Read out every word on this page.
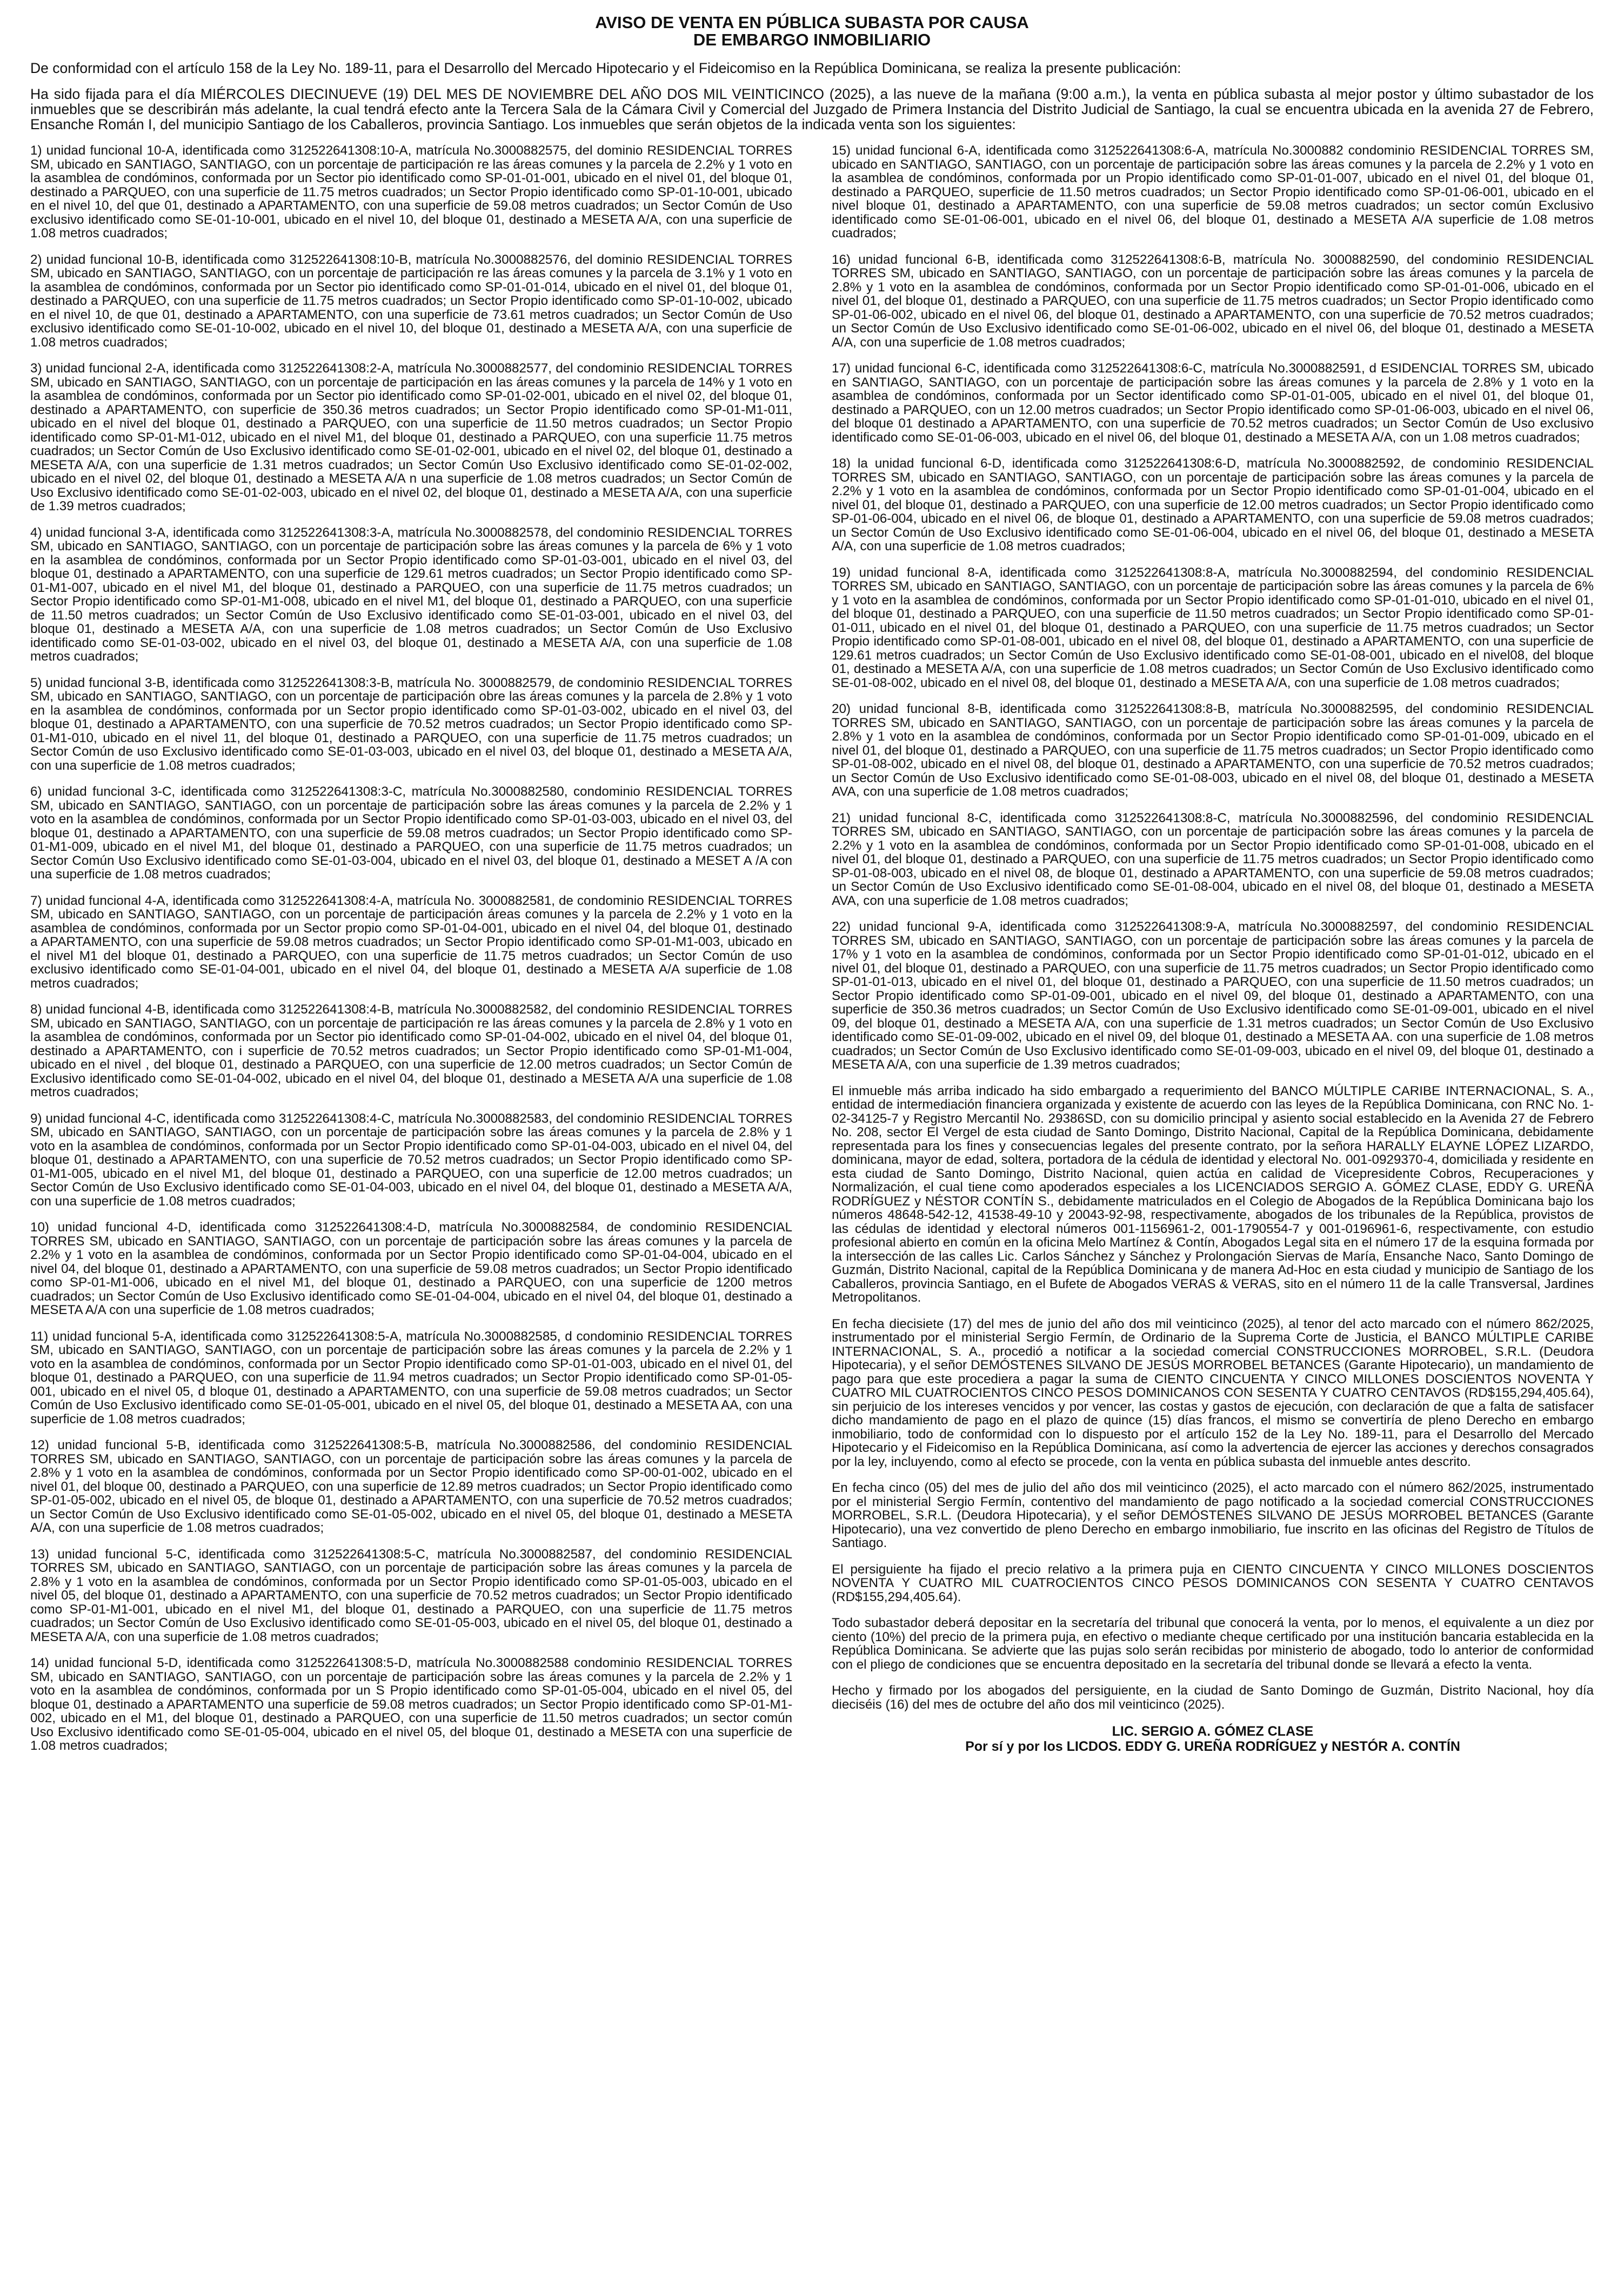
AVISO DE VENTA EN PÚBLICA SUBASTA POR CAUSA
DE EMBARGO INMOBILIARIO

De conformidad con el artículo 158 de la Ley No. 189-11, para el Desarrollo del Mercado Hipotecario y el Fideicomiso en la República Dominicana, se realiza la presente publicación:

Ha sido fijada para el día MIÉRCOLES DIECINUEVE (19) DEL MES DE NOVIEMBRE DEL AÑO DOS MIL VEINTICINCO (2025), a las nueve de la mañana (9:00 a.m.), la venta en pública subasta al mejor postor y último subastador de los inmuebles que se describirán más adelante, la cual tendrá efecto ante la Tercera Sala de la Cámara Civil y Comercial del Juzgado de Primera Instancia del Distrito Judicial de Santiago, la cual se encuentra ubicada en la avenida 27 de Febrero, Ensanche Román I, del municipio Santiago de los Caballeros, provincia Santiago. Los inmuebles que serán objetos de la indicada venta son los siguientes:

1) unidad funcional 10-A, identificada como 312522641308:10-A, matrícula No.3000882575, del dominio RESIDENCIAL TORRES SM, ubicado en SANTIAGO, SANTIAGO, con un porcentaje de participación re las áreas comunes y la parcela de 2.2% y 1 voto en la asamblea de condóminos, conformada por un Sector pio identificado como SP-01-01-001, ubicado en el nivel 01, del bloque 01, destinado a PARQUEO, con una superficie de 11.75 metros cuadrados; un Sector Propio identificado como SP-01-10-001, ubicado en el nivel 10, del que 01, destinado a APARTAMENTO, con una superficie de 59.08 metros cuadrados; un Sector Común de Uso exclusivo identificado como SE-01-10-001, ubicado en el nivel 10, del bloque 01, destinado a MESETA A/A, con una superficie de 1.08 metros cuadrados;

2) unidad funcional 10-B, identificada como 312522641308:10-B, matrícula No.3000882576, del dominio RESIDENCIAL TORRES SM, ubicado en SANTIAGO, SANTIAGO, con un porcentaje de participación re las áreas comunes y la parcela de 3.1% y 1 voto en la asamblea de condóminos, conformada por un Sector pio identificado como SP-01-01-014, ubicado en el nivel 01, del bloque 01, destinado a PARQUEO, con una superficie de 11.75 metros cuadrados; un Sector Propio identificado como SP-01-10-002, ubicado en el nivel 10, de que 01, destinado a APARTAMENTO, con una superficie de 73.61 metros cuadrados; un Sector Común de Uso exclusivo identificado como SE-01-10-002, ubicado en el nivel 10, del bloque 01, destinado a MESETA A/A, con una superficie de 1.08 metros cuadrados;

3) unidad funcional 2-A, identificada como 312522641308:2-A, matrícula No.3000882577, del condominio RESIDENCIAL TORRES SM, ubicado en SANTIAGO, SANTIAGO, con un porcentaje de participación en las áreas comunes y la parcela de 14% y 1 voto en la asamblea de condóminos, conformada por un Sector pio identificado como SP-01-02-001, ubicado en el nivel 02, del bloque 01, destinado a APARTAMENTO, con superficie de 350.36 metros cuadrados; un Sector Propio identificado como SP-01-M1-011, ubicado en el nivel del bloque 01, destinado a PARQUEO, con una superficie de 11.50 metros cuadrados; un Sector Propio identificado como SP-01-M1-012, ubicado en el nivel M1, del bloque 01, destinado a PARQUEO, con una superficie 11.75 metros cuadrados; un Sector Común de Uso Exclusivo identificado como SE-01-02-001, ubicado en el nivel 02, del bloque 01, destinado a MESETA A/A, con una superficie de 1.31 metros cuadrados; un Sector Común Uso Exclusivo identificado como SE-01-02-002, ubicado en el nivel 02, del bloque 01, destinado a MESETA A/A n una superficie de 1.08 metros cuadrados; un Sector Común de Uso Exclusivo identificado como SE-01-02-003, ubicado en el nivel 02, del bloque 01, destinado a MESETA A/A, con una superficie de 1.39 metros cuadrados;

4) unidad funcional 3-A, identificada como 312522641308:3-A, matrícula No.3000882578, del condominio RESIDENCIAL TORRES SM, ubicado en SANTIAGO, SANTIAGO, con un porcentaje de participación sobre las áreas comunes y la parcela de 6% y 1 voto en la asamblea de condóminos, conformada por un Sector Propio identificado como SP-01-03-001, ubicado en el nivel 03, del bloque 01, destinado a APARTAMENTO, con una superficie de 129.61 metros cuadrados; un Sector Propio identificado como SP-01-M1-007, ubicado en el nivel M1, del bloque 01, destinado a PARQUEO, con una superficie de 11.75 metros cuadrados; un Sector Propio identificado como SP-01-M1-008, ubicado en el nivel M1, del bloque 01, destinado a PARQUEO, con una superficie de 11.50 metros cuadrados; un Sector Común de Uso Exclusivo identificado como SE-01-03-001, ubicado en el nivel 03, del bloque 01, destinado a MESETA A/A, con una superficie de 1.08 metros cuadrados; un Sector Común de Uso Exclusivo identificado como SE-01-03-002, ubicado en el nivel 03, del bloque 01, destinado a MESETA A/A, con una superficie de 1.08 metros cuadrados;

5) unidad funcional 3-B, identificada como 312522641308:3-B, matrícula No. 3000882579, de condominio RESIDENCIAL TORRES SM, ubicado en SANTIAGO, SANTIAGO, con un porcentaje de participación obre las áreas comunes y la parcela de 2.8% y 1 voto en la asamblea de condóminos, conformada por un Sector propio identificado como SP-01-03-002, ubicado en el nivel 03, del bloque 01, destinado a APARTAMENTO, con una superficie de 70.52 metros cuadrados; un Sector Propio identificado como SP-01-M1-010, ubicado en el nivel 11, del bloque 01, destinado a PARQUEO, con una superficie de 11.75 metros cuadrados; un Sector Común de uso Exclusivo identificado como SE-01-03-003, ubicado en el nivel 03, del bloque 01, destinado a MESETA A/A, con una superficie de 1.08 metros cuadrados;

6) unidad funcional 3-C, identificada como 312522641308:3-C, matrícula No.3000882580, condominio RESIDENCIAL TORRES SM, ubicado en SANTIAGO, SANTIAGO, con un porcentaje de participación sobre las áreas comunes y la parcela de 2.2% y 1 voto en la asamblea de condóminos, conformada por un Sector Propio identificado como SP-01-03-003, ubicado en el nivel 03, del bloque 01, destinado a APARTAMENTO, con una superficie de 59.08 metros cuadrados; un Sector Propio identificado como SP-01-M1-009, ubicado en el nivel M1, del bloque 01, destinado a PARQUEO, con una superficie de 11.75 metros cuadrados; un Sector Común Uso Exclusivo identificado como SE-01-03-004, ubicado en el nivel 03, del bloque 01, destinado a MESET A /A con una superficie de 1.08 metros cuadrados;

7) unidad funcional 4-A, identificada como 312522641308:4-A, matrícula No. 3000882581, de condominio RESIDENCIAL TORRES SM, ubicado en SANTIAGO, SANTIAGO, con un porcentaje de participación áreas comunes y la parcela de 2.2% y 1 voto en la asamblea de condóminos, conformada por un Sector propio como SP-01-04-001, ubicado en el nivel 04, del bloque 01, destinado a APARTAMENTO, con una superficie de 59.08 metros cuadrados; un Sector Propio identificado como SP-01-M1-003, ubicado en el nivel M1 del bloque 01, destinado a PARQUEO, con una superficie de 11.75 metros cuadrados; un Sector Común de uso exclusivo identificado como SE-01-04-001, ubicado en el nivel 04, del bloque 01, destinado a MESETA A/A superficie de 1.08 metros cuadrados;

8) unidad funcional 4-B, identificada como 312522641308:4-B, matrícula No.3000882582, del condominio RESIDENCIAL TORRES SM, ubicado en SANTIAGO, SANTIAGO, con un porcentaje de participación re las áreas comunes y la parcela de 2.8% y 1 voto en la asamblea de condóminos, conformada por un Sector pio identificado como SP-01-04-002, ubicado en el nivel 04, del bloque 01, destinado a APARTAMENTO, con i superficie de 70.52 metros cuadrados; un Sector Propio identificado como SP-01-M1-004, ubicado en el nivel , del bloque 01, destinado a PARQUEO, con una superficie de 12.00 metros cuadrados; un Sector Común de Exclusivo identificado como SE-01-04-002, ubicado en el nivel 04, del bloque 01, destinado a MESETA A/A una superficie de 1.08 metros cuadrados;

9) unidad funcional 4-C, identificada como 312522641308:4-C, matrícula No.3000882583, del condominio RESIDENCIAL TORRES SM, ubicado en SANTIAGO, SANTIAGO, con un porcentaje de participación sobre las áreas comunes y la parcela de 2.8% y 1 voto en la asamblea de condóminos, conformada por un Sector Propio identificado como SP-01-04-003, ubicado en el nivel 04, del bloque 01, destinado a APARTAMENTO, con una superficie de 70.52 metros cuadrados; un Sector Propio identificado como SP-01-M1-005, ubicado en el nivel M1, del bloque 01, destinado a PARQUEO, con una superficie de 12.00 metros cuadrados; un Sector Común de Uso Exclusivo identificado como SE-01-04-003, ubicado en el nivel 04, del bloque 01, destinado a MESETA A/A, con una superficie de 1.08 metros cuadrados;

10) unidad funcional 4-D, identificada como 312522641308:4-D, matrícula No.3000882584, de condominio RESIDENCIAL TORRES SM, ubicado en SANTIAGO, SANTIAGO, con un porcentaje de participación sobre las áreas comunes y la parcela de 2.2% y 1 voto en la asamblea de condóminos, conformada por un Sector Propio identificado como SP-01-04-004, ubicado en el nivel 04, del bloque 01, destinado a APARTAMENTO, con una superficie de 59.08 metros cuadrados; un Sector Propio identificado como SP-01-M1-006, ubicado en el nivel M1, del bloque 01, destinado a PARQUEO, con una superficie de 1200 metros cuadrados; un Sector Común de Uso Exclusivo identificado como SE-01-04-004, ubicado en el nivel 04, del bloque 01, destinado a MESETA A/A con una superficie de 1.08 metros cuadrados;

11) unidad funcional 5-A, identificada como 312522641308:5-A, matrícula No.3000882585, d condominio RESIDENCIAL TORRES SM, ubicado en SANTIAGO, SANTIAGO, con un porcentaje de participación sobre las áreas comunes y la parcela de 2.2% y 1 voto en la asamblea de condóminos, conformada por un Sector Propio identificado como SP-01-01-003, ubicado en el nivel 01, del bloque 01, destinado a PARQUEO, con una superficie de 11.94 metros cuadrados; un Sector Propio identificado como SP-01-05-001, ubicado en el nivel 05, d bloque 01, destinado a APARTAMENTO, con una superficie de 59.08 metros cuadrados; un Sector Común de Uso Exclusivo identificado como SE-01-05-001, ubicado en el nivel 05, del bloque 01, destinado a MESETA AA, con una superficie de 1.08 metros cuadrados;

12) unidad funcional 5-B, identificada como 312522641308:5-B, matrícula No.3000882586, del condominio RESIDENCIAL TORRES SM, ubicado en SANTIAGO, SANTIAGO, con un porcentaje de participación sobre las áreas comunes y la parcela de 2.8% y 1 voto en la asamblea de condóminos, conformada por un Sector Propio identificado como SP-00-01-002, ubicado en el nivel 01, del bloque 00, destinado a PARQUEO, con una superficie de 12.89 metros cuadrados; un Sector Propio identificado como SP-01-05-002, ubicado en el nivel 05, de bloque 01, destinado a APARTAMENTO, con una superficie de 70.52 metros cuadrados; un Sector Común de Uso Exclusivo identificado como SE-01-05-002, ubicado en el nivel 05, del bloque 01, destinado a MESETA A/A, con una superficie de 1.08 metros cuadrados;

13) unidad funcional 5-C, identificada como 312522641308:5-C, matrícula No.3000882587, del condominio RESIDENCIAL TORRES SM, ubicado en SANTIAGO, SANTIAGO, con un porcentaje de participación sobre las áreas comunes y la parcela de 2.8% y 1 voto en la asamblea de condóminos, conformada por un Sector Propio identificado como SP-01-05-003, ubicado en el nivel 05, del bloque 01, destinado a APARTAMENTO, con una superficie de 70.52 metros cuadrados; un Sector Propio identificado como SP-01-M1-001, ubicado en el nivel M1, del bloque 01, destinado a PARQUEO, con una superficie de 11.75 metros cuadrados; un Sector Común de Uso Exclusivo identificado como SE-01-05-003, ubicado en el nivel 05, del bloque 01, destinado a MESETA A/A, con una superficie de 1.08 metros cuadrados;

14) unidad funcional 5-D, identificada como 312522641308:5-D, matrícula No.3000882588 condominio RESIDENCIAL TORRES SM, ubicado en SANTIAGO, SANTIAGO, con un porcentaje de participación sobre las áreas comunes y la parcela de 2.2% y 1 voto en la asamblea de condóminos, conformada por un S Propio identificado como SP-01-05-004, ubicado en el nivel 05, del bloque 01, destinado a APARTAMENTO una superficie de 59.08 metros cuadrados; un Sector Propio identificado como SP-01-M1-002, ubicado en el M1, del bloque 01, destinado a PARQUEO, con una superficie de 11.50 metros cuadrados; un sector común Uso Exclusivo identificado como SE-01-05-004, ubicado en el nivel 05, del bloque 01, destinado a MESETA con una superficie de 1.08 metros cuadrados;

15) unidad funcional 6-A, identificada como 312522641308:6-A, matrícula No.3000882 condominio RESIDENCIAL TORRES SM, ubicado en SANTIAGO, SANTIAGO, con un porcentaje de participación sobre las áreas comunes y la parcela de 2.2% y 1 voto en la asamblea de condóminos, conformada por un Propio identificado como SP-01-01-007, ubicado en el nivel 01, del bloque 01, destinado a PARQUEO, superficie de 11.50 metros cuadrados; un Sector Propio identificado como SP-01-06-001, ubicado en el nivel bloque 01, destinado a APARTAMENTO, con una superficie de 59.08 metros cuadrados; un sector común Exclusivo identificado como SE-01-06-001, ubicado en el nivel 06, del bloque 01, destinado a MESETA A/A superficie de 1.08 metros cuadrados;

16) unidad funcional 6-B, identificada como 312522641308:6-B, matrícula No. 3000882590, del condominio RESIDENCIAL TORRES SM, ubicado en SANTIAGO, SANTIAGO, con un porcentaje de participación sobre las áreas comunes y la parcela de 2.8% y 1 voto en la asamblea de condóminos, conformada por un Sector Propio identificado como SP-01-01-006, ubicado en el nivel 01, del bloque 01, destinado a PARQUEO, con una superficie de 11.75 metros cuadrados; un Sector Propio identificado como SP-01-06-002, ubicado en el nivel 06, del bloque 01, destinado a APARTAMENTO, con una superficie de 70.52 metros cuadrados; un Sector Común de Uso Exclusivo identificado como SE-01-06-002, ubicado en el nivel 06, del bloque 01, destinado a MESETA A/A, con una superficie de 1.08 metros cuadrados;

17) unidad funcional 6-C, identificada como 312522641308:6-C, matrícula No.3000882591, d ESIDENCIAL TORRES SM, ubicado en SANTIAGO, SANTIAGO, con un porcentaje de participación sobre las áreas comunes y la parcela de 2.8% y 1 voto en la asamblea de condóminos, conformada por un Sector identificado como SP-01-01-005, ubicado en el nivel 01, del bloque 01, destinado a PARQUEO, con un 12.00 metros cuadrados; un Sector Propio identificado como SP-01-06-003, ubicado en el nivel 06, del bloque 01 destinado a APARTAMENTO, con una superficie de 70.52 metros cuadrados; un Sector Común de Uso exclusivo identificado como SE-01-06-003, ubicado en el nivel 06, del bloque 01, destinado a MESETA A/A, con un 1.08 metros cuadrados;

18) la unidad funcional 6-D, identificada como 312522641308:6-D, matrícula No.3000882592, de condominio RESIDENCIAL TORRES SM, ubicado en SANTIAGO, SANTIAGO, con un porcentaje de participación sobre las áreas comunes y la parcela de 2.2% y 1 voto en la asamblea de condóminos, conformada por un Sector Propio identificado como SP-01-01-004, ubicado en el nivel 01, del bloque 01, destinado a PARQUEO, con una superficie de 12.00 metros cuadrados; un Sector Propio identificado como SP-01-06-004, ubicado en el nivel 06, de bloque 01, destinado a APARTAMENTO, con una superficie de 59.08 metros cuadrados; un Sector Común de Uso Exclusivo identificado como SE-01-06-004, ubicado en el nivel 06, del bloque 01, destinado a MESETA A/A, con una superficie de 1.08 metros cuadrados;

19) unidad funcional 8-A, identificada como 312522641308:8-A, matrícula No.3000882594, del condominio RESIDENCIAL TORRES SM, ubicado en SANTIAGO, SANTIAGO, con un porcentaje de participación sobre las áreas comunes y la parcela de 6% y 1 voto en la asamblea de condóminos, conformada por un Sector Propio identificado como SP-01-01-010, ubicado en el nivel 01, del bloque 01, destinado a PARQUEO, con una superficie de 11.50 metros cuadrados; un Sector Propio identificado como SP-01-01-011, ubicado en el nivel 01, del bloque 01, destinado a PARQUEO, con una superficie de 11.75 metros cuadrados; un Sector Propio identificado como SP-01-08-001, ubicado en el nivel 08, del bloque 01, destinado a APARTAMENTO, con una superficie de 129.61 metros cuadrados; un Sector Común de Uso Exclusivo identificado como SE-01-08-001, ubicado en el nivel08, del bloque 01, destinado a MESETA A/A, con una superficie de 1.08 metros cuadrados; un Sector Común de Uso Exclusivo identificado como SE-01-08-002, ubicado en el nivel 08, del bloque 01, destinado a MESETA A/A, con una superficie de 1.08 metros cuadrados;

20) unidad funcional 8-B, identificada como 312522641308:8-B, matrícula No.3000882595, del condominio RESIDENCIAL TORRES SM, ubicado en SANTIAGO, SANTIAGO, con un porcentaje de participación sobre las áreas comunes y la parcela de 2.8% y 1 voto en la asamblea de condóminos, conformada por un Sector Propio identificado como SP-01-01-009, ubicado en el nivel 01, del bloque 01, destinado a PARQUEO, con una superficie de 11.75 metros cuadrados; un Sector Propio identificado como SP-01-08-002, ubicado en el nivel 08, del bloque 01, destinado a APARTAMENTO, con una superficie de 70.52 metros cuadrados; un Sector Común de Uso Exclusivo identificado como SE-01-08-003, ubicado en el nivel 08, del bloque 01, destinado a MESETA AVA, con una superficie de 1.08 metros cuadrados;

21) unidad funcional 8-C, identificada como 312522641308:8-C, matrícula No.3000882596, del condominio RESIDENCIAL TORRES SM, ubicado en SANTIAGO, SANTIAGO, con un porcentaje de participación sobre las áreas comunes y la parcela de 2.2% y 1 voto en la asamblea de condóminos, conformada por un Sector Propio identificado como SP-01-01-008, ubicado en el nivel 01, del bloque 01, destinado a PARQUEO, con una superficie de 11.75 metros cuadrados; un Sector Propio identificado como SP-01-08-003, ubicado en el nivel 08, de bloque 01, destinado a APARTAMENTO, con una superficie de 59.08 metros cuadrados; un Sector Común de Uso Exclusivo identificado como SE-01-08-004, ubicado en el nivel 08, del bloque 01, destinado a MESETA AVA, con una superficie de 1.08 metros cuadrados;

22) unidad funcional 9-A, identificada como 312522641308:9-A, matrícula No.3000882597, del condominio RESIDENCIAL TORRES SM, ubicado en SANTIAGO, SANTIAGO, con un porcentaje de participación sobre las áreas comunes y la parcela de 17% y 1 voto en la asamblea de condóminos, conformada por un Sector Propio identificado como SP-01-01-012, ubicado en el nivel 01, del bloque 01, destinado a PARQUEO, con una superficie de 11.75 metros cuadrados; un Sector Propio identificado como SP-01-01-013, ubicado en el nivel 01, del bloque 01, destinado a PARQUEO, con una superficie de 11.50 metros cuadrados; un Sector Propio identificado como SP-01-09-001, ubicado en el nivel 09, del bloque 01, destinado a APARTAMENTO, con una superficie de 350.36 metros cuadrados; un Sector Común de Uso Exclusivo identificado como SE-01-09-001, ubicado en el nivel 09, del bloque 01, destinado a MESETA A/A, con una superficie de 1.31 metros cuadrados; un Sector Común de Uso Exclusivo identificado como SE-01-09-002, ubicado en el nivel 09, del bloque 01, destinado a MESETA AA. con una superficie de 1.08 metros cuadrados; un Sector Común de Uso Exclusivo identificado como SE-01-09-003, ubicado en el nivel 09, del bloque 01, destinado a MESETA A/A, con una superficie de 1.39 metros cuadrados;

El inmueble más arriba indicado ha sido embargado a requerimiento del BANCO MÚLTIPLE CARIBE INTERNACIONAL, S. A., entidad de intermediación financiera organizada y existente de acuerdo con las leyes de la República Dominicana, con RNC No. 1-02-34125-7 y Registro Mercantil No. 29386SD, con su domicilio principal y asiento social establecido en la Avenida 27 de Febrero No. 208, sector El Vergel de esta ciudad de Santo Domingo, Distrito Nacional, Capital de la República Dominicana, debidamente representada para los fines y consecuencias legales del presente contrato, por la señora HARALLY ELAYNE LÓPEZ LIZARDO, dominicana, mayor de edad, soltera, portadora de la cédula de identidad y electoral No. 001-0929370-4, domiciliada y residente en esta ciudad de Santo Domingo, Distrito Nacional, quien actúa en calidad de Vicepresidente Cobros, Recuperaciones y Normalización, el cual tiene como apoderados especiales a los LICENCIADOS SERGIO A. GÓMEZ CLASE, EDDY G. UREÑA RODRÍGUEZ y NÉSTOR CONTÍN S., debidamente matriculados en el Colegio de Abogados de la República Dominicana bajo los números 48648-542-12, 41538-49-10 y 20043-92-98, respectivamente, abogados de los tribunales de la República, provistos de las cédulas de identidad y electoral números 001-1156961-2, 001-1790554-7 y 001-0196961-6, respectivamente, con estudio profesional abierto en común en la oficina Melo Martínez & Contín, Abogados Legal sita en el número 17 de la esquina formada por la intersección de las calles Lic. Carlos Sánchez y Sánchez y Prolongación Siervas de María, Ensanche Naco, Santo Domingo de Guzmán, Distrito Nacional, capital de la República Dominicana y de manera Ad-Hoc en esta ciudad y municipio de Santiago de los Caballeros, provincia Santiago, en el Bufete de Abogados VERAS & VERAS, sito en el número 11 de la calle Transversal, Jardines Metropolitanos.

En fecha diecisiete (17) del mes de junio del año dos mil veinticinco (2025), al tenor del acto marcado con el número 862/2025, instrumentado por el ministerial Sergio Fermín, de Ordinario de la Suprema Corte de Justicia, el BANCO MÚLTIPLE CARIBE INTERNACIONAL, S. A., procedió a notificar a la sociedad comercial CONSTRUCCIONES MORROBEL, S.R.L. (Deudora Hipotecaria), y el señor DEMÓSTENES SILVANO DE JESÚS MORROBEL BETANCES (Garante Hipotecario), un mandamiento de pago para que este procediera a pagar la suma de CIENTO CINCUENTA Y CINCO MILLONES DOSCIENTOS NOVENTA Y CUATRO MIL CUATROCIENTOS CINCO PESOS DOMINICANOS CON SESENTA Y CUATRO CENTAVOS (RD$155,294,405.64), sin perjuicio de los intereses vencidos y por vencer, las costas y gastos de ejecución, con declaración de que a falta de satisfacer dicho mandamiento de pago en el plazo de quince (15) días francos, el mismo se convertiría de pleno Derecho en embargo inmobiliario, todo de conformidad con lo dispuesto por el artículo 152 de la Ley No. 189-11, para el Desarrollo del Mercado Hipotecario y el Fideicomiso en la República Dominicana, así como la advertencia de ejercer las acciones y derechos consagrados por la ley, incluyendo, como al efecto se procede, con la venta en pública subasta del inmueble antes descrito.

En fecha cinco (05) del mes de julio del año dos mil veinticinco (2025), el acto marcado con el número 862/2025, instrumentado por el ministerial Sergio Fermín, contentivo del mandamiento de pago notificado a la sociedad comercial CONSTRUCCIONES MORROBEL, S.R.L. (Deudora Hipotecaria), y el señor DEMÓSTENES SILVANO DE JESÚS MORROBEL BETANCES (Garante Hipotecario), una vez convertido de pleno Derecho en embargo inmobiliario, fue inscrito en las oficinas del Registro de Títulos de Santiago.

El persiguiente ha fijado el precio relativo a la primera puja en CIENTO CINCUENTA Y CINCO MILLONES DOSCIENTOS NOVENTA Y CUATRO MIL CUATROCIENTOS CINCO PESOS DOMINICANOS CON SESENTA Y CUATRO CENTAVOS (RD$155,294,405.64).

Todo subastador deberá depositar en la secretaría del tribunal que conocerá la venta, por lo menos, el equivalente a un diez por ciento (10%) del precio de la primera puja, en efectivo o mediante cheque certificado por una institución bancaria establecida en la República Dominicana. Se advierte que las pujas solo serán recibidas por ministerio de abogado, todo lo anterior de conformidad con el pliego de condiciones que se encuentra depositado en la secretaría del tribunal donde se llevará a efecto la venta.

Hecho y firmado por los abogados del persiguiente, en la ciudad de Santo Domingo de Guzmán, Distrito Nacional, hoy día dieciséis (16) del mes de octubre del año dos mil veinticinco (2025).

LIC. SERGIO A. GÓMEZ CLASE
Por sí y por los LICDOS. EDDY G. UREÑA RODRÍGUEZ y NESTÓR A. CONTÍN
